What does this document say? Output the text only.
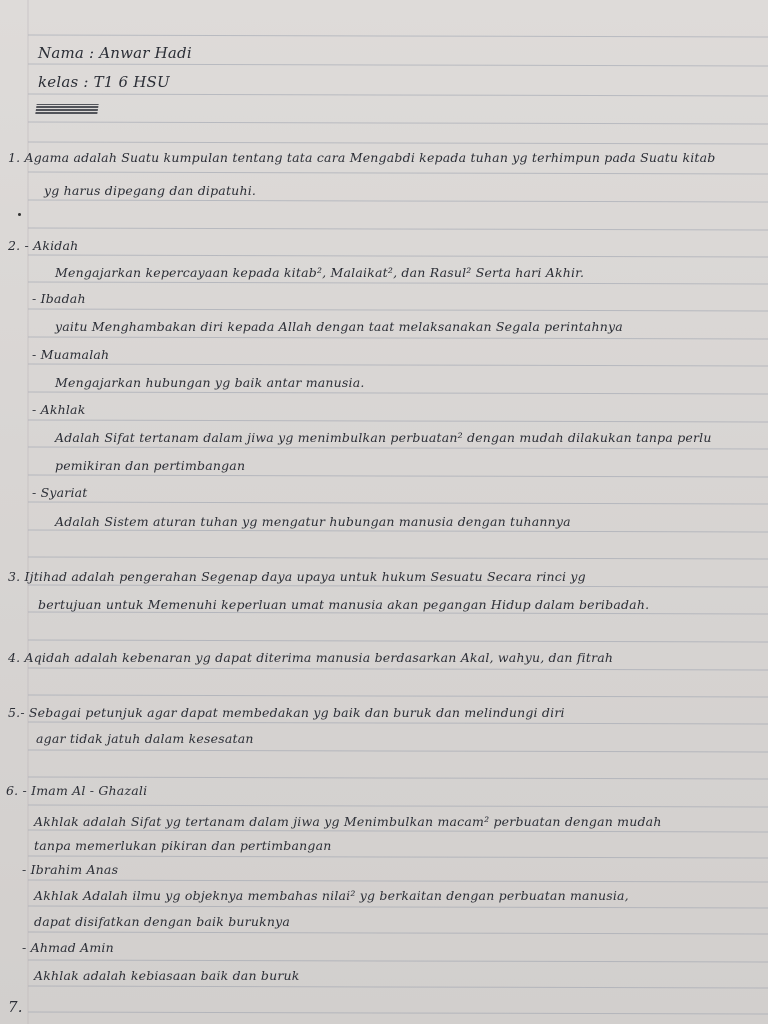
Nama : Anwar Hadi
kelas : T1 6 HSU
1. Agama adalah Suatu kumpulan tentang tata cara Mengabdi kepada tuhan yg terhimpun pada Suatu kitab
yg harus dipegang dan dipatuhi.
2. - Akidah
Mengajarkan kepercayaan kepada kitab², Malaikat², dan Rasul² Serta hari Akhir.
- Ibadah
yaitu Menghambakan diri kepada Allah dengan taat melaksanakan Segala perintahnya
- Muamalah
Mengajarkan hubungan yg baik antar manusia.
- Akhlak
Adalah Sifat tertanam dalam jiwa yg menimbulkan perbuatan² dengan mudah dilakukan tanpa perlu
pemikiran dan pertimbangan
- Syariat
Adalah Sistem aturan tuhan yg mengatur hubungan manusia dengan tuhannya
3. Ijtihad adalah pengerahan Segenap daya upaya untuk hukum Sesuatu Secara rinci yg
bertujuan untuk Memenuhi keperluan umat manusia akan pegangan Hidup dalam beribadah.
4. Aqidah adalah kebenaran yg dapat diterima manusia berdasarkan Akal, wahyu, dan fitrah
5.- Sebagai petunjuk agar dapat membedakan yg baik dan buruk dan melindungi diri
agar tidak jatuh dalam kesesatan
6. - Imam Al - Ghazali
Akhlak adalah Sifat yg tertanam dalam jiwa yg Menimbulkan macam² perbuatan dengan mudah
tanpa memerlukan pikiran dan pertimbangan
- Ibrahim Anas
Akhlak Adalah ilmu yg objeknya membahas nilai² yg berkaitan dengan perbuatan manusia,
dapat disifatkan dengan baik buruknya
- Ahmad Amin
Akhlak adalah kebiasaan baik dan buruk
7.
